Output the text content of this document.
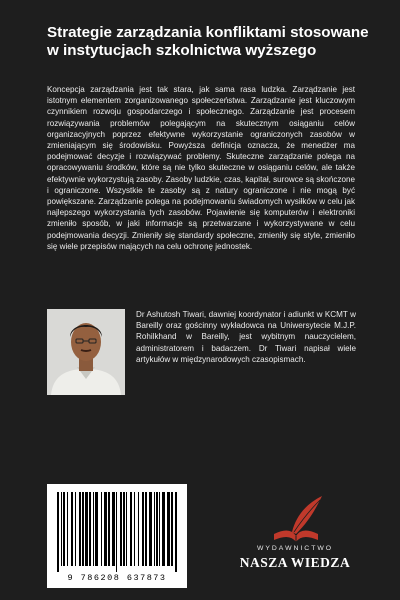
Strategie zarządzania konfliktami stosowane w instytucjach szkolnictwa wyższego

Koncepcja zarządzania jest tak stara, jak sama rasa ludzka. Zarządzanie jest istotnym elementem zorganizowanego społeczeństwa. Zarządzanie jest kluczowym czynnikiem rozwoju gospodarczego i społecznego. Zarządzanie jest procesem rozwiązywania problemów polegającym na skutecznym osiąganiu celów organizacyjnych poprzez efektywne wykorzystanie ograniczonych zasobów w zmieniającym się środowisku. Powyższa definicja oznacza, że menedżer ma podejmować decyzje i rozwiązywać problemy. Skuteczne zarządzanie polega na opracowywaniu środków, które są nie tylko skuteczne w osiąganiu celów, ale także efektywnie wykorzystują zasoby. Zasoby ludzkie, czas, kapitał, surowce są skończone i ograniczone. Wszystkie te zasoby są z natury ograniczone i nie mogą być powiększane. Zarządzanie polega na podejmowaniu świadomych wysiłków w celu jak najlepszego wykorzystania tych zasobów. Pojawienie się komputerów i elektroniki zmieniło sposób, w jaki informacje są przetwarzane i wykorzystywane w celu podejmowania decyzji. Zmieniły się standardy społeczne, zmieniły się style, zmieniło się wiele przepisów mających na celu ochronę jednostek.

Dr Ashutosh Tiwari, dawniej koordynator i adiunkt w KCMT w Bareilly oraz gościnny wykładowca na Uniwersytecie M.J.P. Rohilkhand w Bareilly, jest wybitnym nauczycielem, administratorem i badaczem. Dr Tiwari napisał wiele artykułów w międzynarodowych czasopismach.

9 786208 637873
WYDAWNICTWO
NASZA WIEDZA
